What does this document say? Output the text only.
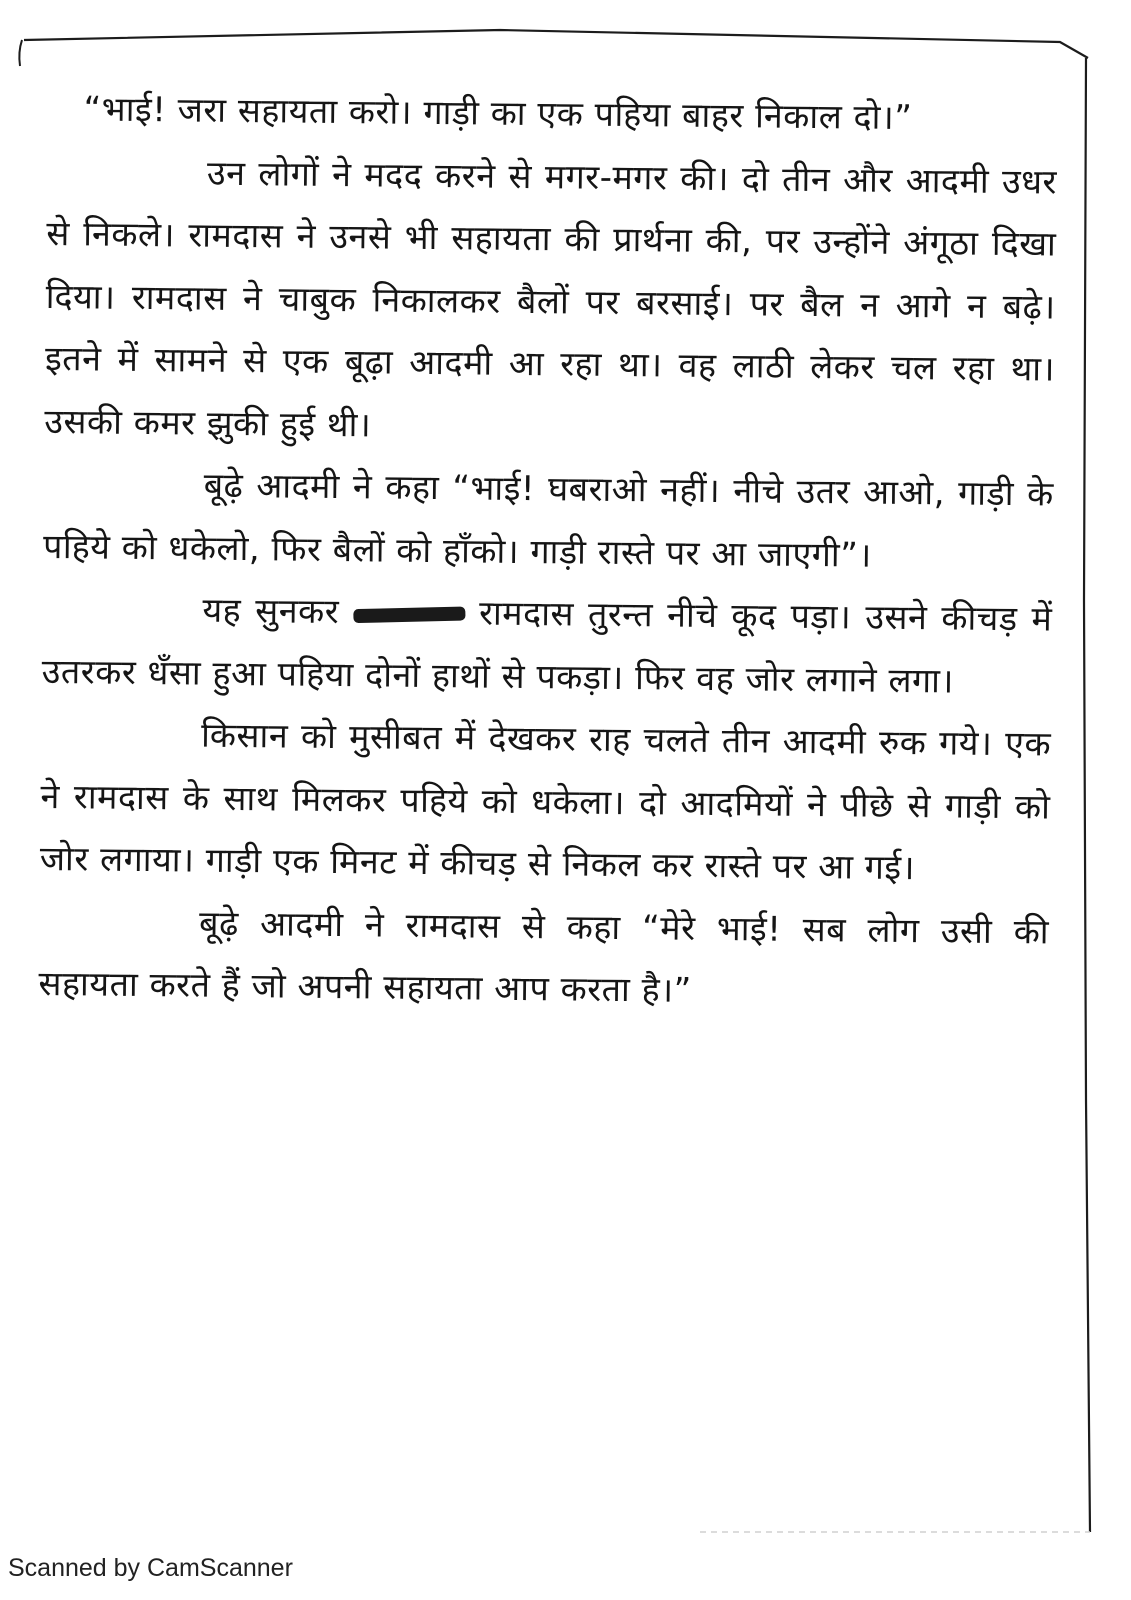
“भाई! जरा सहायता करो। गाड़ी का एक पहिया बाहर निकाल दो।”

उन लोगों ने मदद करने से मगर-मगर की। दो तीन और आदमी उधर से निकले। रामदास ने उनसे भी सहायता की प्रार्थना की, पर उन्होंने अंगूठा दिखा दिया। रामदास ने चाबुक निकालकर बैलों पर बरसाई। पर बैल न आगे न बढ़े। इतने में सामने से एक बूढ़ा आदमी आ रहा था। वह लाठी लेकर चल रहा था। उसकी कमर झुकी हुई थी।

बूढ़े आदमी ने कहा “भाई! घबराओ नहीं। नीचे उतर आओ, गाड़ी के पहिये को धकेलो, फिर बैलों को हाँको। गाड़ी रास्ते पर आ जाएगी”।

यह सुनकर	रामदास तुरन्त नीचे कूद पड़ा। उसने कीचड़ में उतरकर धँसा हुआ पहिया दोनों हाथों से पकड़ा। फिर वह जोर लगाने लगा।

किसान को मुसीबत में देखकर राह चलते तीन आदमी रुक गये। एक ने रामदास के साथ मिलकर पहिये को धकेला। दो आदमियों ने पीछे से गाड़ी को जोर लगाया। गाड़ी एक मिनट में कीचड़ से निकल कर रास्ते पर आ गई।

बूढ़े आदमी ने रामदास से कहा “मेरे भाई! सब लोग उसी की सहायता करते हैं जो अपनी सहायता आप करता है।”

Scanned by CamScanner
